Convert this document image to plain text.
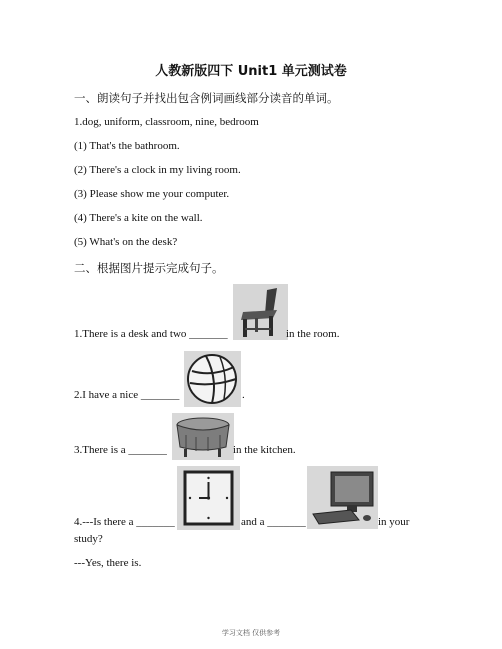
人教新版四下 Unit1 单元测试卷
一、朗读句子并找出包含例词画线部分读音的单词。
1.dog, uniform, classroom, nine, bedroom
(1) That's the bathroom.
(2) There's a clock in my living room.
(3) Please show me your computer.
(4) There's a kite on the wall.
(5) What's on the desk?
二、根据图片提示完成句子。
1.There is a desk and two _______	in the room.
2.I have a nice _______	.
3.There is a _______	in the kitchen.
4.---Is there a _______	and a _______	in your
study?
---Yes, there is.
学习文档 仅供参考
